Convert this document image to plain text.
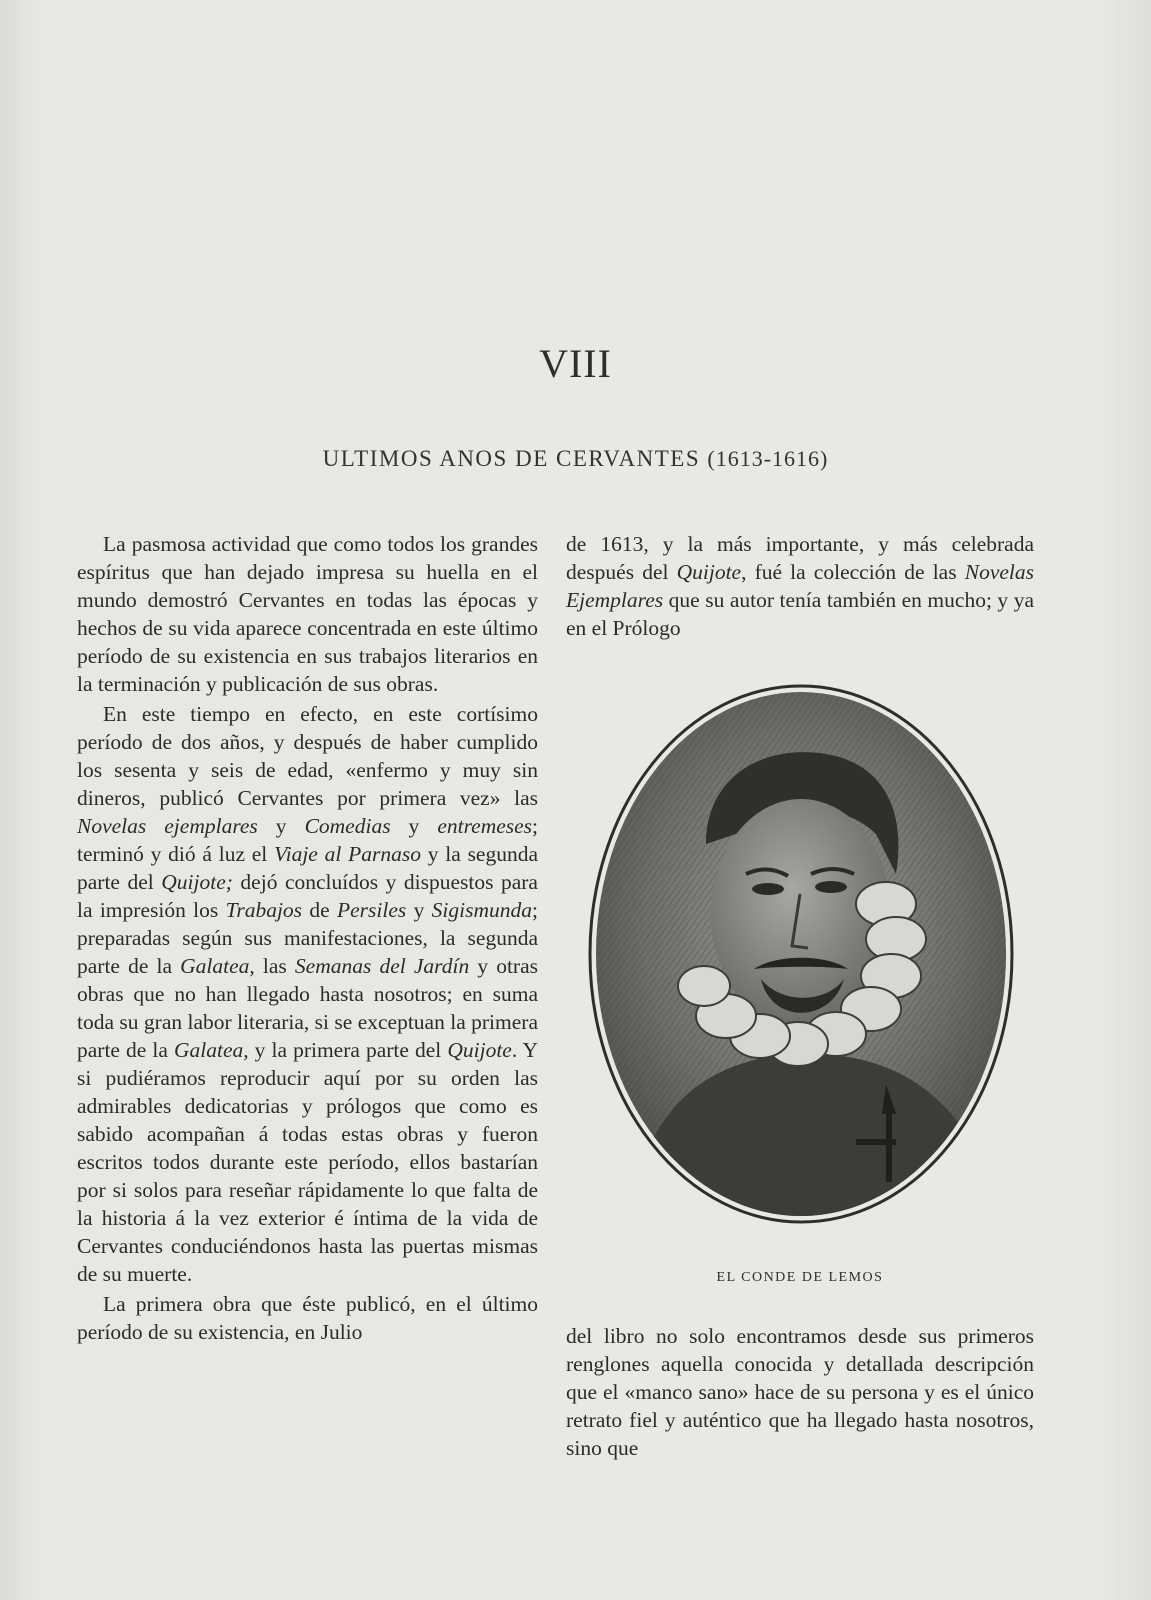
VIII
ULTIMOS ANOS DE CERVANTES (1613-1616)

La pasmosa actividad que como todos los grandes espíritus que han dejado impresa su huella en el mundo demostró Cervantes en todas las épocas y hechos de su vida aparece concentrada en este último período de su existencia en sus trabajos literarios en la terminación y publicación de sus obras.

En este tiempo en efecto, en este cortísimo período de dos años, y después de haber cumplido los sesenta y seis de edad, «enfermo y muy sin dineros, publicó Cervantes por primera vez» las Novelas ejemplares y Comedias y entremeses; terminó y dió á luz el Viaje al Parnaso y la segunda parte del Quijote; dejó concluídos y dispuestos para la impresión los Trabajos de Persiles y Sigismunda; preparadas según sus manifestaciones, la segunda parte de la Galatea, las Semanas del Jardín y otras obras que no han llegado hasta nosotros; en suma toda su gran labor literaria, si se exceptuan la primera parte de la Galatea, y la primera parte del Quijote. Y si pudiéramos reproducir aquí por su orden las admirables dedicatorias y prólogos que como es sabido acompañan á todas estas obras y fueron escritos todos durante este período, ellos bastarían por si solos para reseñar rápidamente lo que falta de la historia á la vez exterior é íntima de la vida de Cervantes conduciéndonos hasta las puertas mismas de su muerte.

La primera obra que éste publicó, en el último período de su existencia, en Julio

de 1613, y la más importante, y más celebrada después del Quijote, fué la colección de las Novelas Ejemplares que su autor tenía también en mucho; y ya en el Prólogo

EL CONDE DE LEMOS

del libro no solo encontramos desde sus primeros renglones aquella conocida y detallada descripción que el «manco sano» hace de su persona y es el único retrato fiel y auténtico que ha llegado hasta nosotros, sino que
